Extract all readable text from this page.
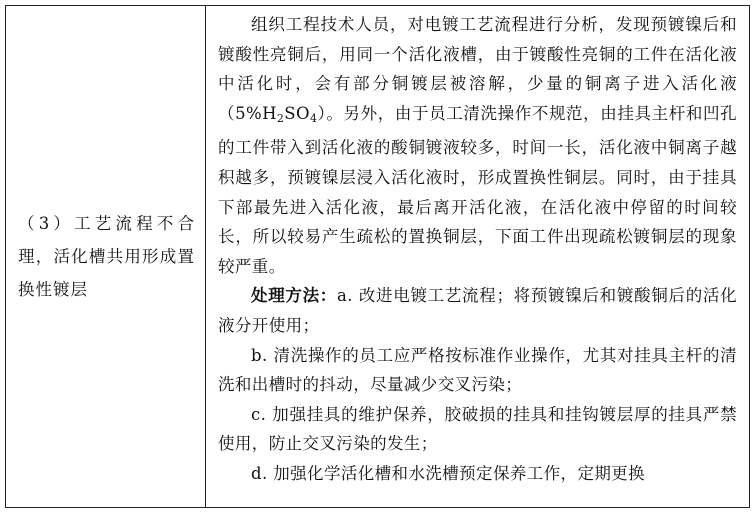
（3）工艺流程不合理，活化槽共用形成置换性镀层

组织工程技术人员，对电镀工艺流程进行分析，发现预镀镍后和镀酸性亮铜后，用同一个活化液槽，由于镀酸性亮铜的工件在活化液中活化时，会有部分铜镀层被溶解，少量的铜离子进入活化液$(5\%H_2SO_4)$。另外，由于员工清洗操作不规范，由挂具主杆和凹孔的工件带入到活化液的酸铜镀液较多，时间一长，活化液中铜离子越积越多，预镀镍层浸入活化液时，形成置换性铜层。同时，由于挂具下部最先进入活化液，最后离开活化液，在活化液中停留的时间较长，所以较易产生疏松的置换铜层，下面工件出现疏松镀铜层的现象较严重。

处理方法：a. 改进电镀工艺流程；将预镀镍后和镀酸铜后的活化液分开使用；

b. 清洗操作的员工应严格按标准作业操作，尤其对挂具主杆的清洗和出槽时的抖动，尽量减少交叉污染；

c. 加强挂具的维护保养，胶破损的挂具和挂钩镀层厚的挂具严禁使用，防止交叉污染的发生；

d. 加强化学活化槽和水洗槽预定保养工作，定期更换
